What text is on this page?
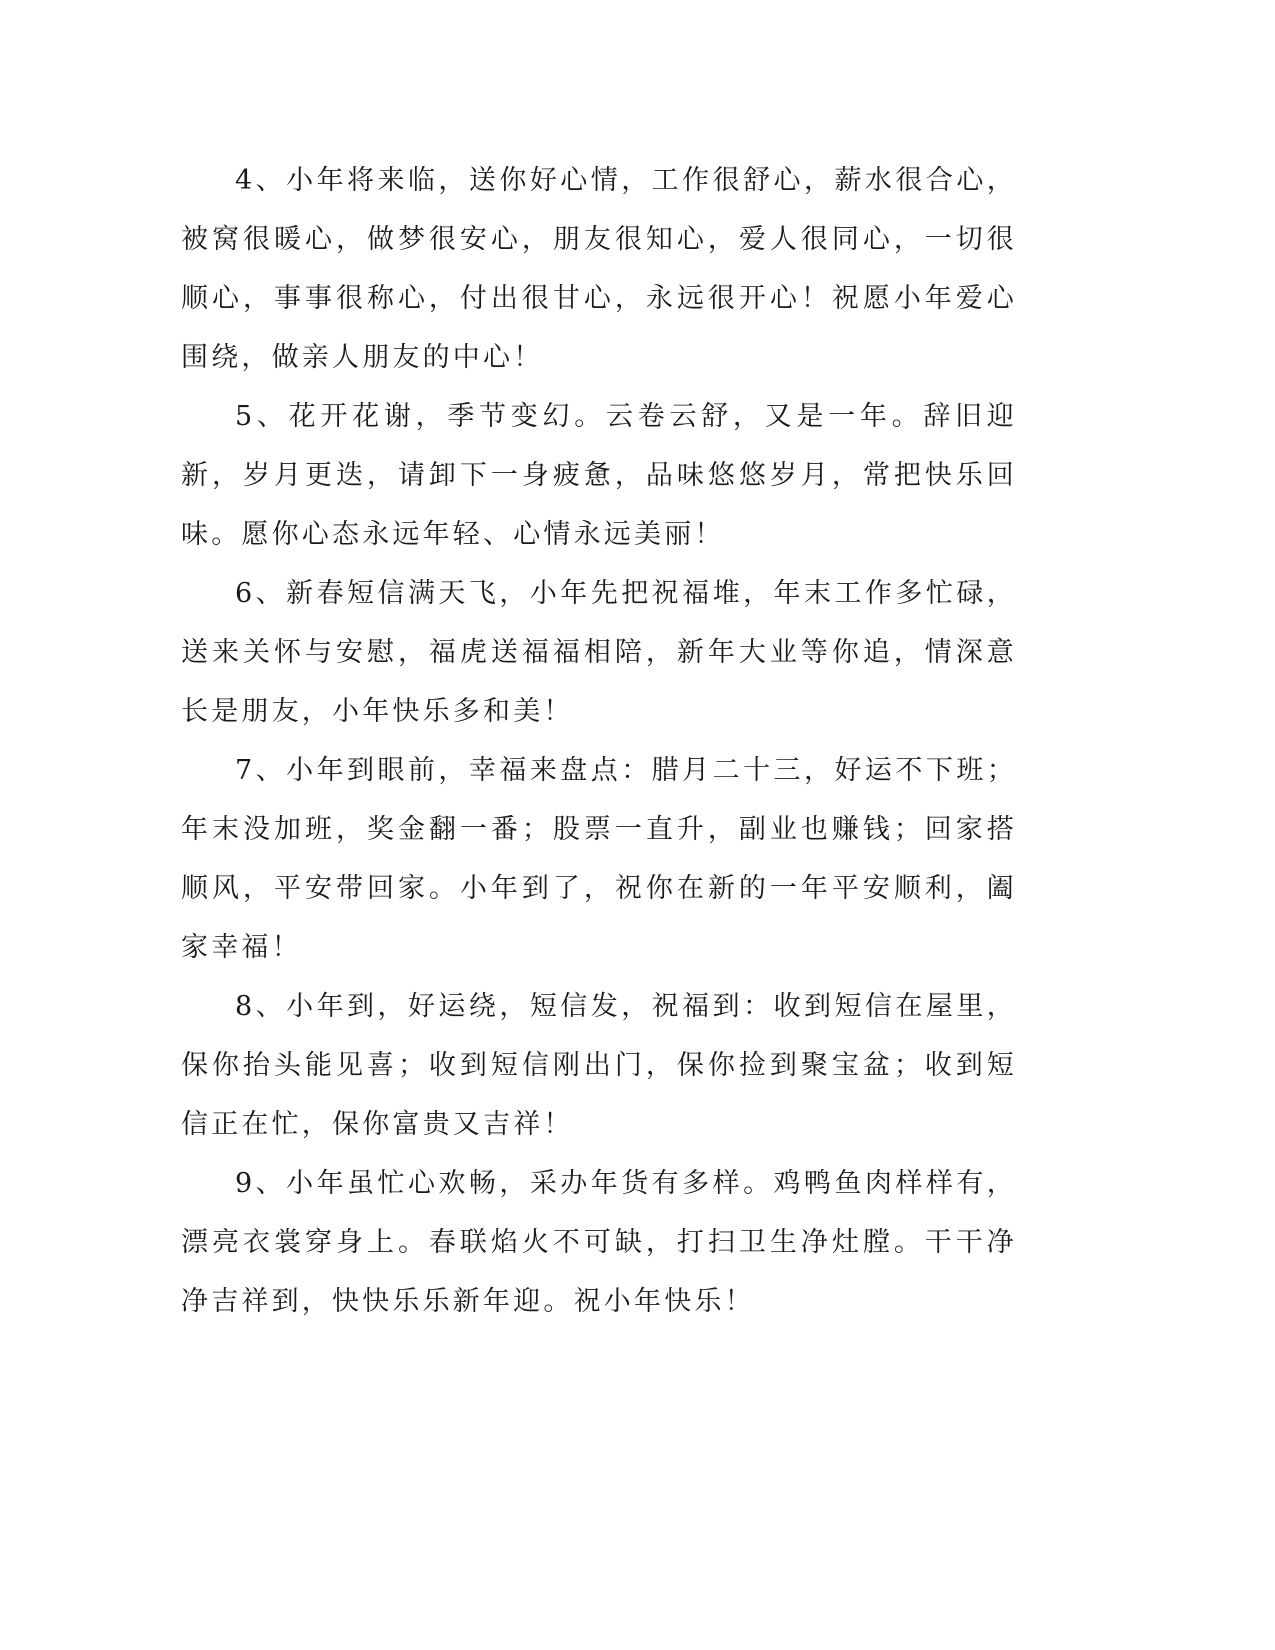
4、小年将来临，送你好心情，工作很舒心，薪水很合心，被窝很暖心，做梦很安心，朋友很知心，爱人很同心，一切很顺心，事事很称心，付出很甘心，永远很开心！祝愿小年爱心围绕，做亲人朋友的中心！

5、花开花谢，季节变幻。云卷云舒，又是一年。辞旧迎新，岁月更迭，请卸下一身疲惫，品味悠悠岁月，常把快乐回味。愿你心态永远年轻、心情永远美丽！

6、新春短信满天飞，小年先把祝福堆，年末工作多忙碌，送来关怀与安慰，福虎送福福相陪，新年大业等你追，情深意长是朋友，小年快乐多和美！

7、小年到眼前，幸福来盘点：腊月二十三，好运不下班；年末没加班，奖金翻一番；股票一直升，副业也赚钱；回家搭顺风，平安带回家。小年到了，祝你在新的一年平安顺利，阖家幸福！

8、小年到，好运绕，短信发，祝福到：收到短信在屋里，保你抬头能见喜；收到短信刚出门，保你捡到聚宝盆；收到短信正在忙，保你富贵又吉祥！

9、小年虽忙心欢畅，采办年货有多样。鸡鸭鱼肉样样有，漂亮衣裳穿身上。春联焰火不可缺，打扫卫生净灶膛。干干净净吉祥到，快快乐乐新年迎。祝小年快乐！
